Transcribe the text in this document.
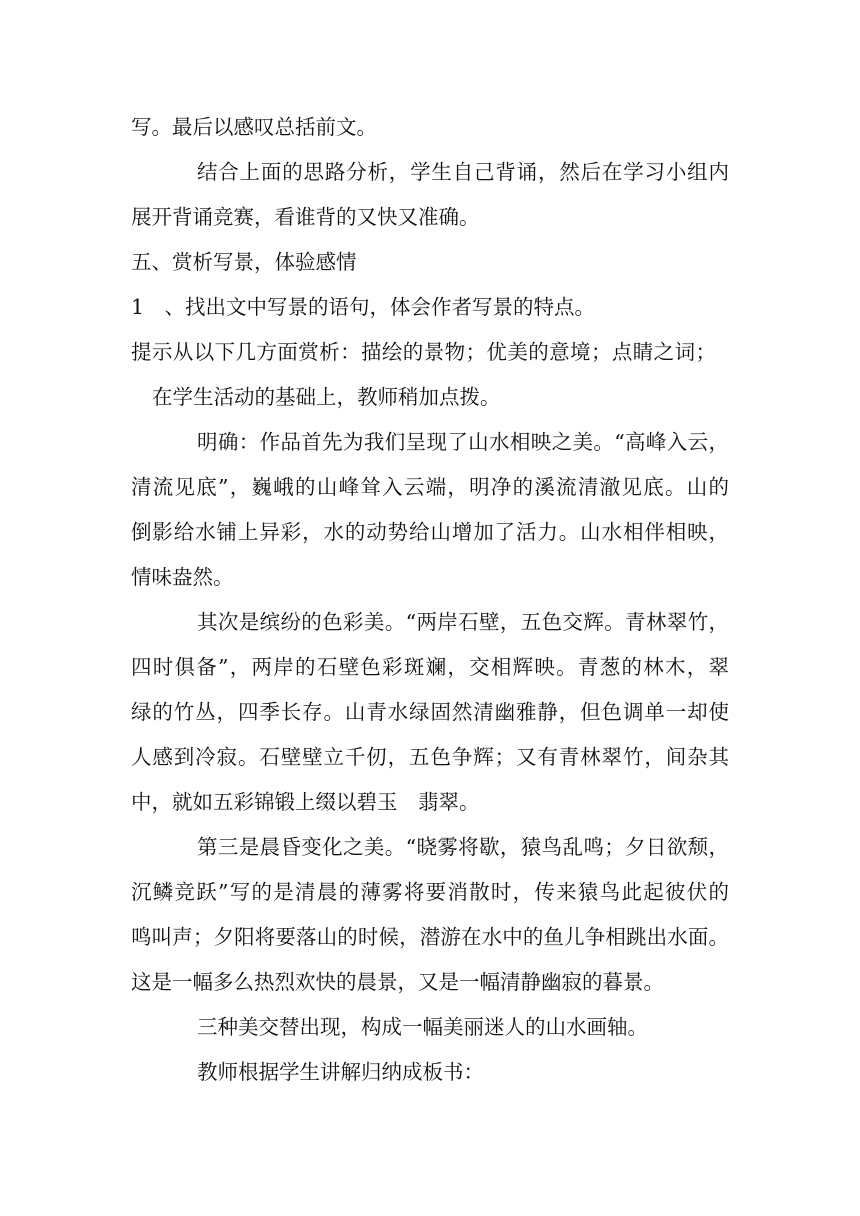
写。最后以感叹总括前文。

结合上面的思路分析，学生自己背诵，然后在学习小组内

展开背诵竞赛，看谁背的又快又准确。

五、赏析写景，体验感情

1　、找出文中写景的语句，体会作者写景的特点。

提示从以下几方面赏析：描绘的景物；优美的意境；点睛之词；

在学生活动的基础上，教师稍加点拨。

明确：作品首先为我们呈现了山水相映之美。“高峰入云，

清流见底”，巍峨的山峰耸入云端，明净的溪流清澈见底。山的

倒影给水铺上异彩，水的动势给山增加了活力。山水相伴相映，

情味盎然。

其次是缤纷的色彩美。“两岸石壁，五色交辉。青林翠竹，

四时俱备”，两岸的石壁色彩斑斓，交相辉映。青葱的林木，翠

绿的竹丛，四季长存。山青水绿固然清幽雅静，但色调单一却使

人感到冷寂。石壁壁立千仞，五色争辉；又有青林翠竹，间杂其

中，就如五彩锦锻上缀以碧玉　翡翠。

第三是晨昏变化之美。“晓雾将歇，猿鸟乱鸣；夕日欲颓，

沉鳞竞跃”写的是清晨的薄雾将要消散时，传来猿鸟此起彼伏的

鸣叫声；夕阳将要落山的时候，潜游在水中的鱼儿争相跳出水面。

这是一幅多么热烈欢快的晨景，又是一幅清静幽寂的暮景。

三种美交替出现，构成一幅美丽迷人的山水画轴。

教师根据学生讲解归纳成板书：
